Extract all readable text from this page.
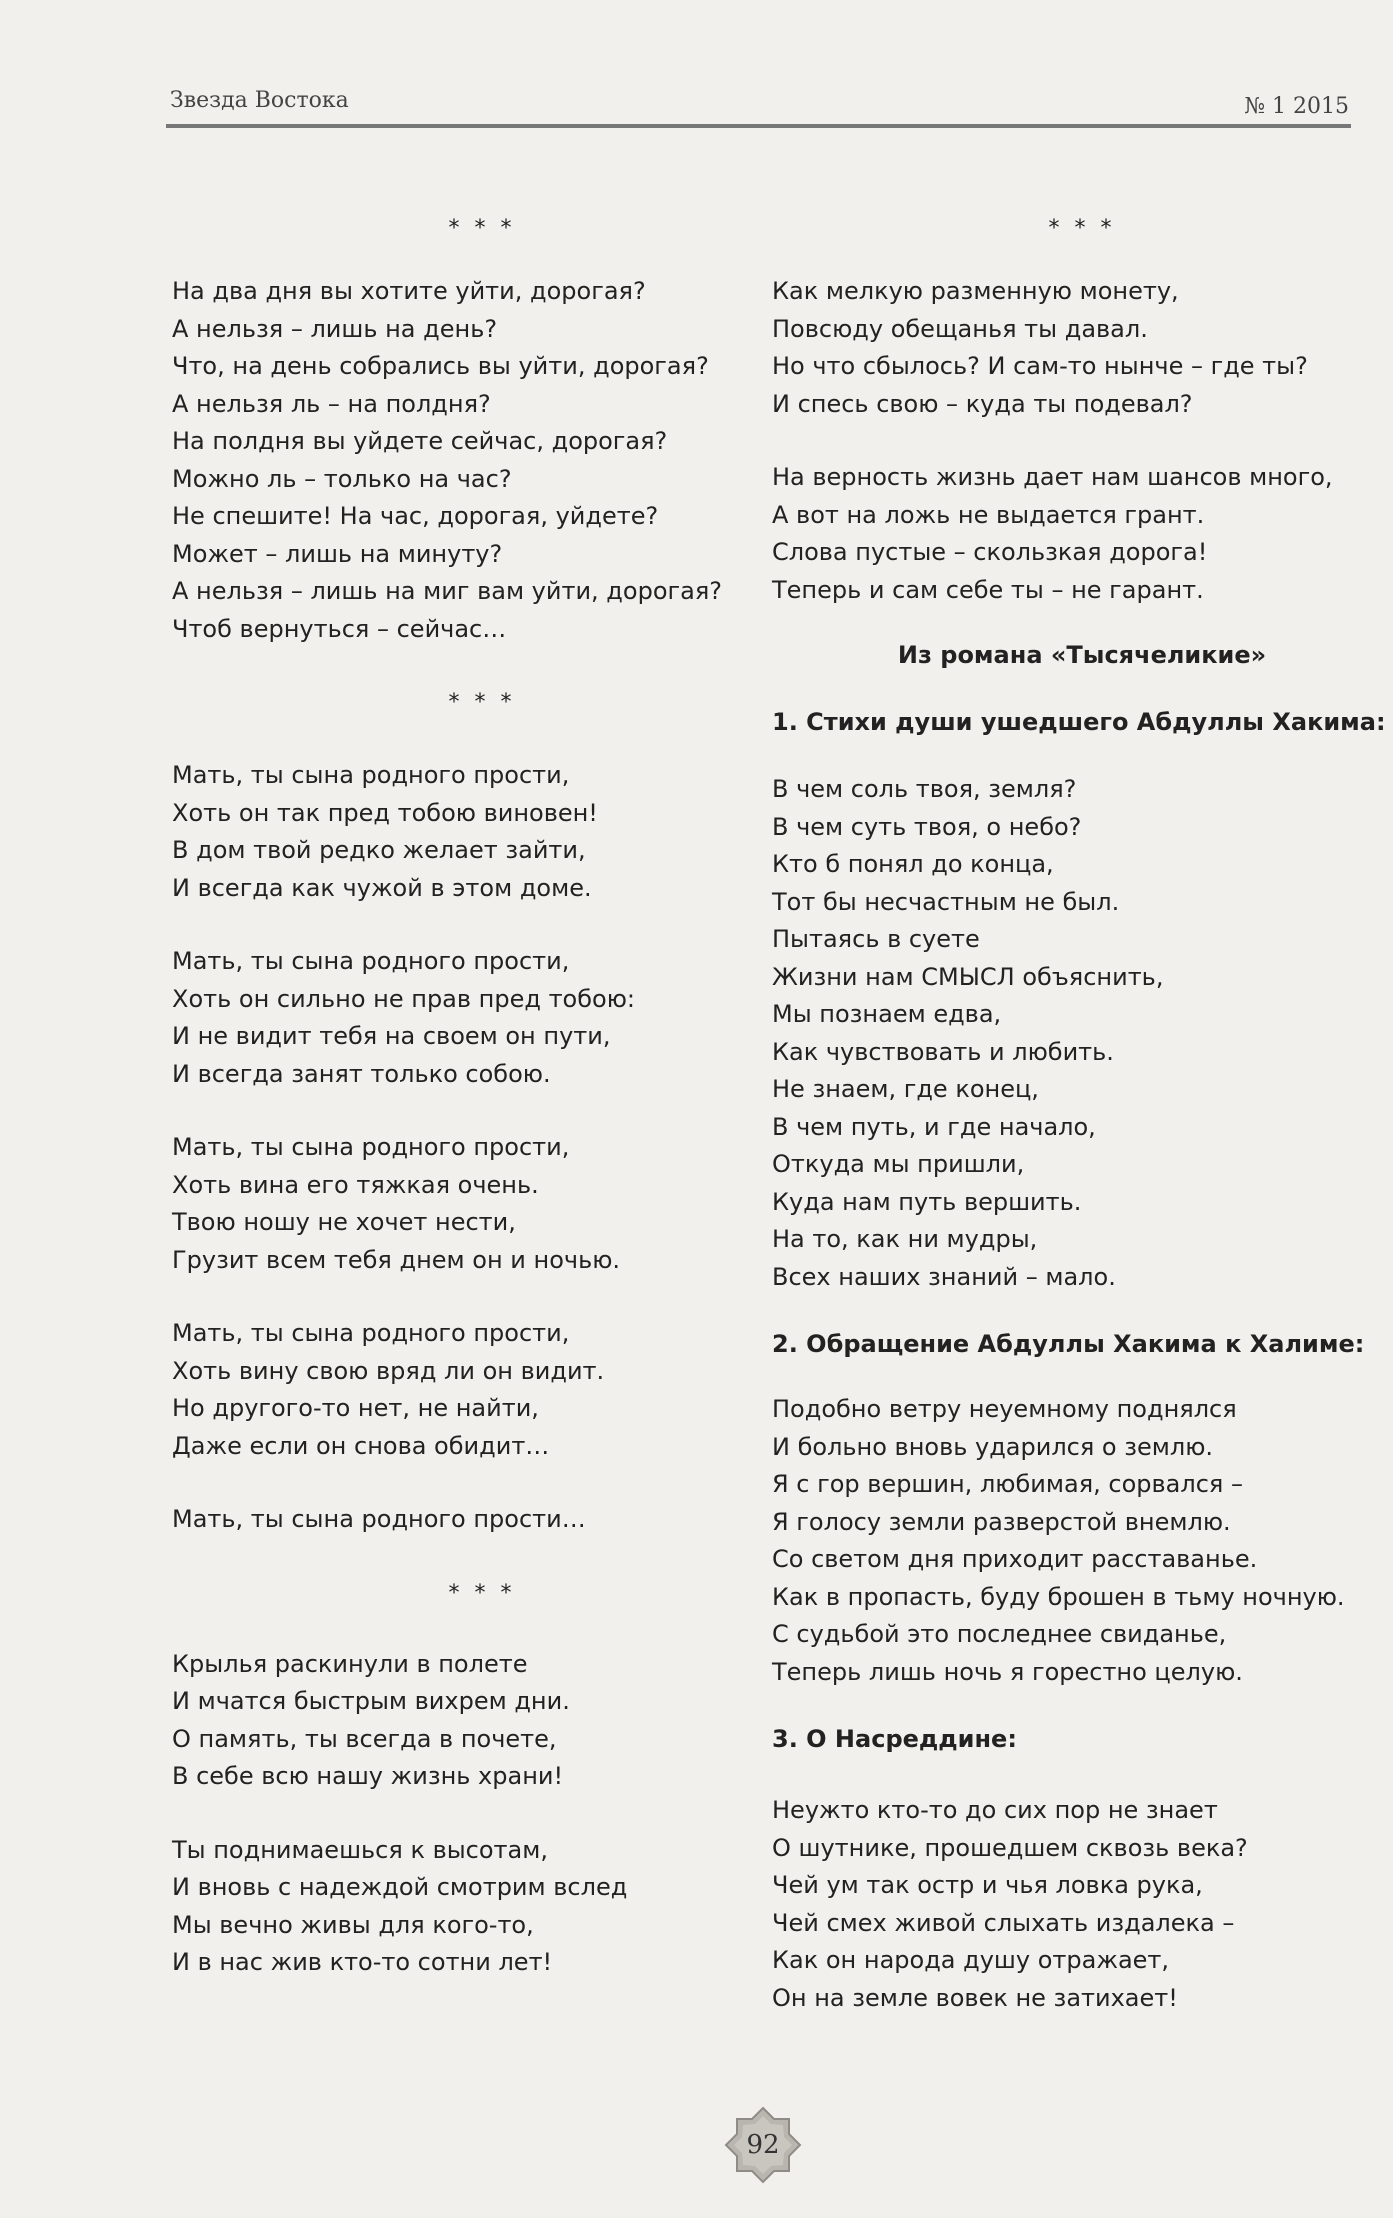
Звезда Востока	№ 1 2015
* * *
На два дня вы хотите уйти, дорогая?
А нельзя – лишь на день?
Что, на день собрались вы уйти, дорогая?
А нельзя ль – на полдня?
На полдня вы уйдете сейчас, дорогая?
Можно ль – только на час?
Не спешите! На час, дорогая, уйдете?
Может – лишь на минуту?
А нельзя – лишь на миг вам уйти, дорогая?
Чтоб вернуться – сейчас…
* * *
Мать, ты сына родного прости,
Хоть он так пред тобою виновен!
В дом твой редко желает зайти,
И всегда как чужой в этом доме.
Мать, ты сына родного прости,
Хоть он сильно не прав пред тобою:
И не видит тебя на своем он пути,
И всегда занят только собою.
Мать, ты сына родного прости,
Хоть вина его тяжкая очень.
Твою ношу не хочет нести,
Грузит всем тебя днем он и ночью.
Мать, ты сына родного прости,
Хоть вину свою вряд ли он видит.
Но другого-то нет, не найти,
Даже если он снова обидит…
Мать, ты сына родного прости…
* * *
Крылья раскинули в полете
И мчатся быстрым вихрем дни.
О память, ты всегда в почете,
В себе всю нашу жизнь храни!
Ты поднимаешься к высотам,
И вновь с надеждой смотрим вслед
Мы вечно живы для кого-то,
И в нас жив кто-то сотни лет!
* * *
Как мелкую разменную монету,
Повсюду обещанья ты давал.
Но что сбылось? И сам-то нынче – где ты?
И спесь свою – куда ты подевал?
На верность жизнь дает нам шансов много,
А вот на ложь не выдается грант.
Слова пустые – скользкая дорога!
Теперь и сам себе ты – не гарант.
Из романа «Тысячеликие»
1. Стихи души ушедшего Абдуллы Хакима:
В чем соль твоя, земля?
В чем суть твоя, о небо?
Кто б понял до конца,
Тот бы несчастным не был.
Пытаясь в суете
Жизни нам СМЫСЛ объяснить,
Мы познаем едва,
Как чувствовать и любить.
Не знаем, где конец,
В чем путь, и где начало,
Откуда мы пришли,
Куда нам путь вершить.
На то, как ни мудры,
Всех наших знаний – мало.
2. Обращение Абдуллы Хакима к Халиме:
Подобно ветру неуемному поднялся
И больно вновь ударился о землю.
Я с гор вершин, любимая, сорвался –
Я голосу земли разверстой внемлю.
Со светом дня приходит расставанье.
Как в пропасть, буду брошен в тьму ночную.
С судьбой это последнее свиданье,
Теперь лишь ночь я горестно целую.
3. О Насреддине:
Неужто кто-то до сих пор не знает
О шутнике, прошедшем сквозь века?
Чей ум так остр и чья ловка рука,
Чей смех живой слыхать издалека –
Как он народа душу отражает,
Он на земле вовек не затихает!
92
